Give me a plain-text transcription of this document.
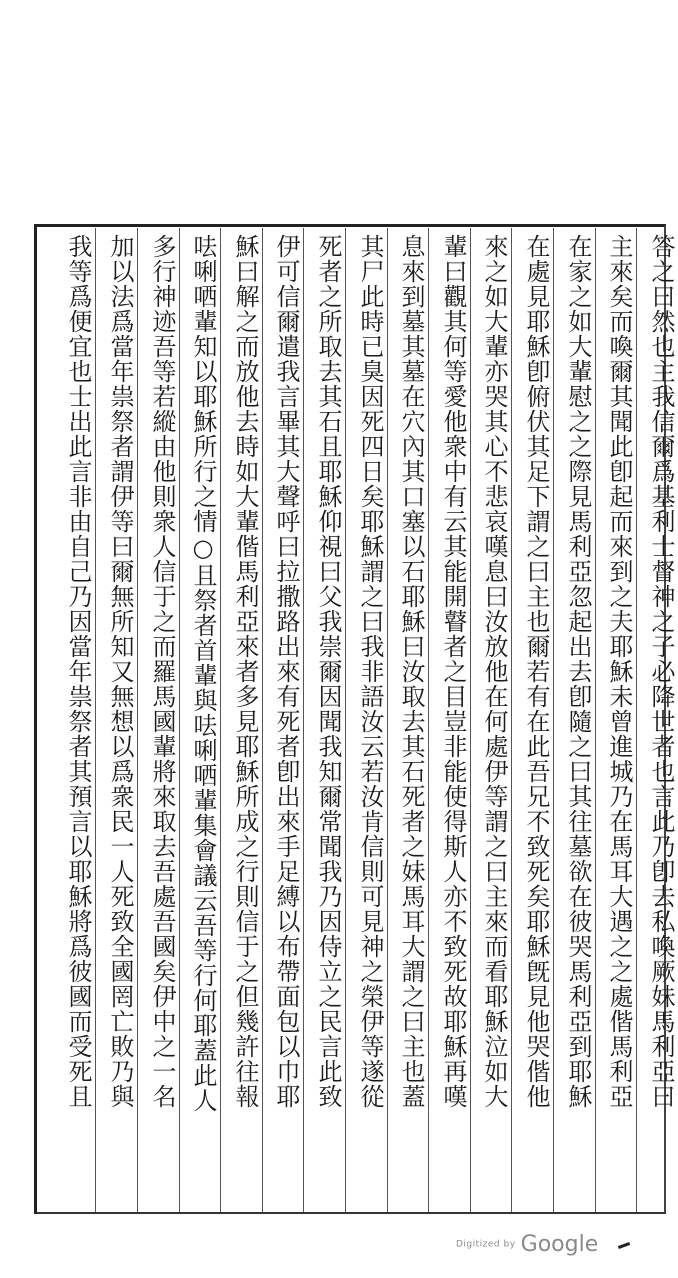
答之曰然也主我信爾爲基利士督神之子必降世者也言此乃卽去私喚厥妹馬利亞曰
主來矣而喚爾其聞此卽起而來到之夫耶穌未曾進城乃在馬耳大遇之之處偕馬利亞
在家之如大輩慰之之際見馬利亞忽起出去卽隨之曰其往墓欲在彼哭馬利亞到耶穌
在處見耶穌卽俯伏其足下謂之曰主也爾若有在此吾兄不致死矣耶穌旣見他哭偕他
來之如大輩亦哭其心不悲哀嘆息曰汝放他在何處伊等謂之曰主來而看耶穌泣如大
輩曰觀其何等愛他衆中有云其能開瞽者之目豈非能使得斯人亦不致死故耶穌再嘆
息來到墓其墓在穴內其口塞以石耶穌曰汝取去其石死者之妹馬耳大謂之曰主也蓋
其尸此時已臭因死四日矣耶穌謂之曰我非語汝云若汝肯信則可見神之榮伊等遂從
死者之所取去其石且耶穌仰視曰父我崇爾因聞我知爾常聞我乃因侍立之民言此致
伊可信爾遣我言畢其大聲呼曰拉撒路出來有死者卽出來手足縛以布帶面包以巾耶
穌曰解之而放他去時如大輩偕馬利亞來者多見耶穌所成之行則信于之但幾許往報
呿唎哂輩知以耶穌所行之情○且祭者首輩與呿唎哂輩集會議云吾等行何耶蓋此人
多行神迹吾等若縱由他則衆人信于之而羅馬國輩將來取去吾處吾國矣伊中之一名
加以法爲當年祟祭者謂伊等曰爾無所知又無想以爲衆民一人死致全國罔亡敗乃與
我等爲便宜也士出此言非由自己乃因當年祟祭者其預言以耶穌將爲彼國而受死且
Digitized by Google
